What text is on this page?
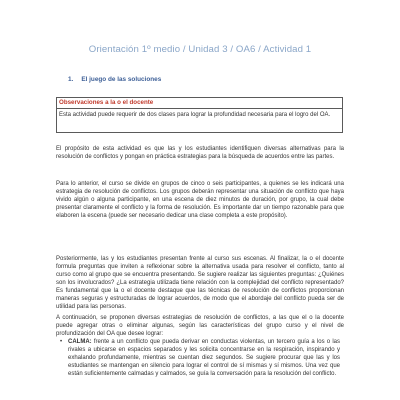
Orientación 1º medio / Unidad 3 / OA6 / Actividad 1
1. El juego de las soluciones
Observaciones a la o el docente
Esta actividad puede requerir de dos clases para lograr la profundidad necesaria para el logro del OA.
El propósito de esta actividad es que las y los estudiantes identifiquen diversas alternativas para la resolución de conflictos y pongan en práctica estrategias para la búsqueda de acuerdos entre las partes.
Para lo anterior, el curso se divide en grupos de cinco o seis participantes, a quienes se les indicará una estrategia de resolución de conflictos. Los grupos deberán representar una situación de conflicto que haya vivido algún o alguna participante, en una escena de diez minutos de duración, por grupo, la cual debe presentar claramente el conflicto y la forma de resolución. Es importante dar un tiempo razonable para que elaboren la escena (puede ser necesario dedicar una clase completa a este propósito).
Posteriormente, las y los estudiantes presentan frente al curso sus escenas. Al finalizar, la o el docente formula preguntas que inviten a reflexionar sobre la alternativa usada para resolver el conflicto, tanto al curso como al grupo que se encuentra presentando. Se sugiere realizar las siguientes preguntas: ¿Quiénes son los involucrados? ¿La estrategia utilizada tiene relación con la complejidad del conflicto representado? Es fundamental que la o el docente destaque que las técnicas de resolución de conflictos proporcionan maneras seguras y estructuradas de lograr acuerdos, de modo que el abordaje del conflicto pueda ser de utilidad para las personas.
A continuación, se proponen diversas estrategias de resolución de conflictos, a las que el o la docente puede agregar otras o eliminar algunas, según las características del grupo curso y el nivel de profundización del OA que desee lograr:
• CALMA: frente a un conflicto que pueda derivar en conductas violentas, un tercero guía a los o las rivales a ubicarse en espacios separados y les solicita concentrarse en la respiración, inspirando y exhalando profundamente, mientras se cuentan diez segundos. Se sugiere procurar que las y los estudiantes se mantengan en silencio para lograr el control de sí mismas y sí mismos. Una vez que están suficientemente calmadas y calmados, se guía la conversación para la resolución del conflicto.
